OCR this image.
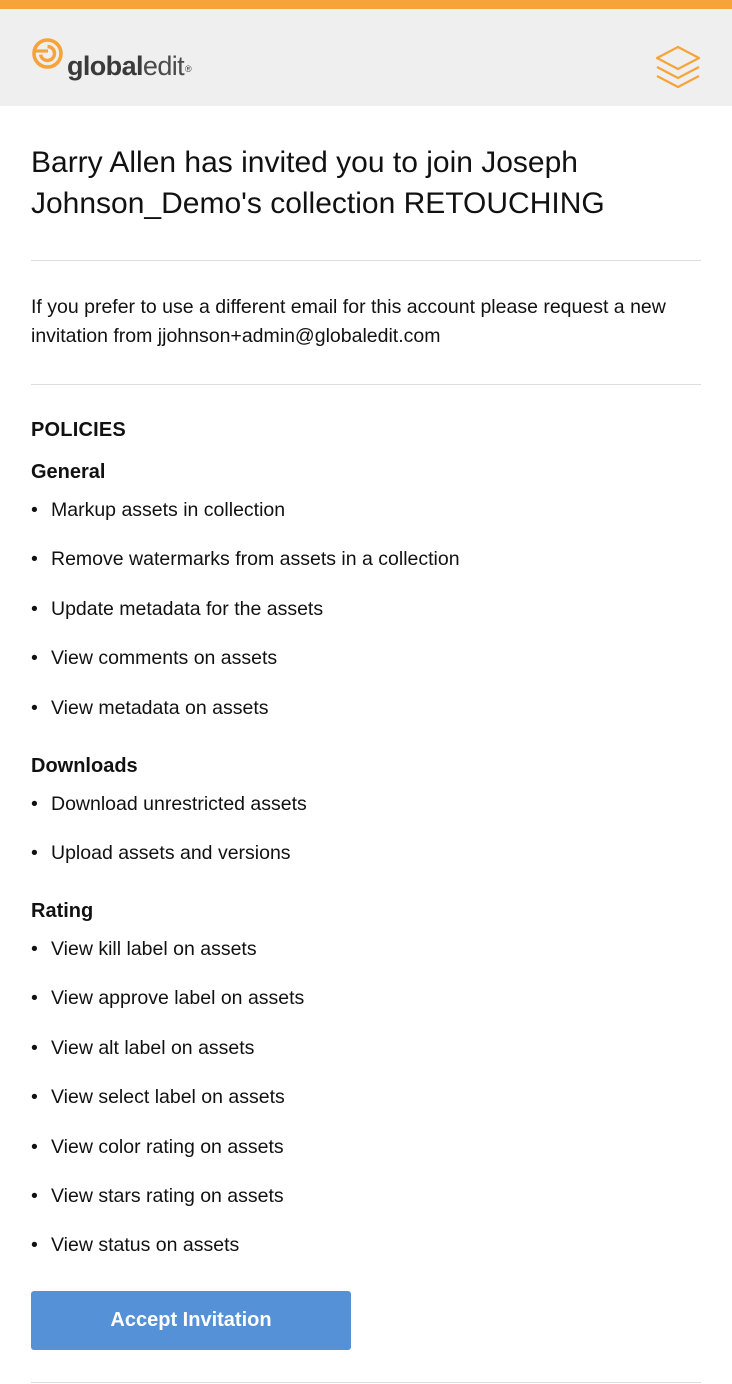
globaledit®
Barry Allen has invited you to join Joseph Johnson_Demo's collection RETOUCHING

If you prefer to use a different email for this account please request a new invitation from jjohnson+admin@globaledit.com

POLICIES
General
• Markup assets in collection
• Remove watermarks from assets in a collection
• Update metadata for the assets
• View comments on assets
• View metadata on assets
Downloads
• Download unrestricted assets
• Upload assets and versions
Rating
• View kill label on assets
• View approve label on assets
• View alt label on assets
• View select label on assets
• View color rating on assets
• View stars rating on assets
• View status on assets
Accept Invitation
